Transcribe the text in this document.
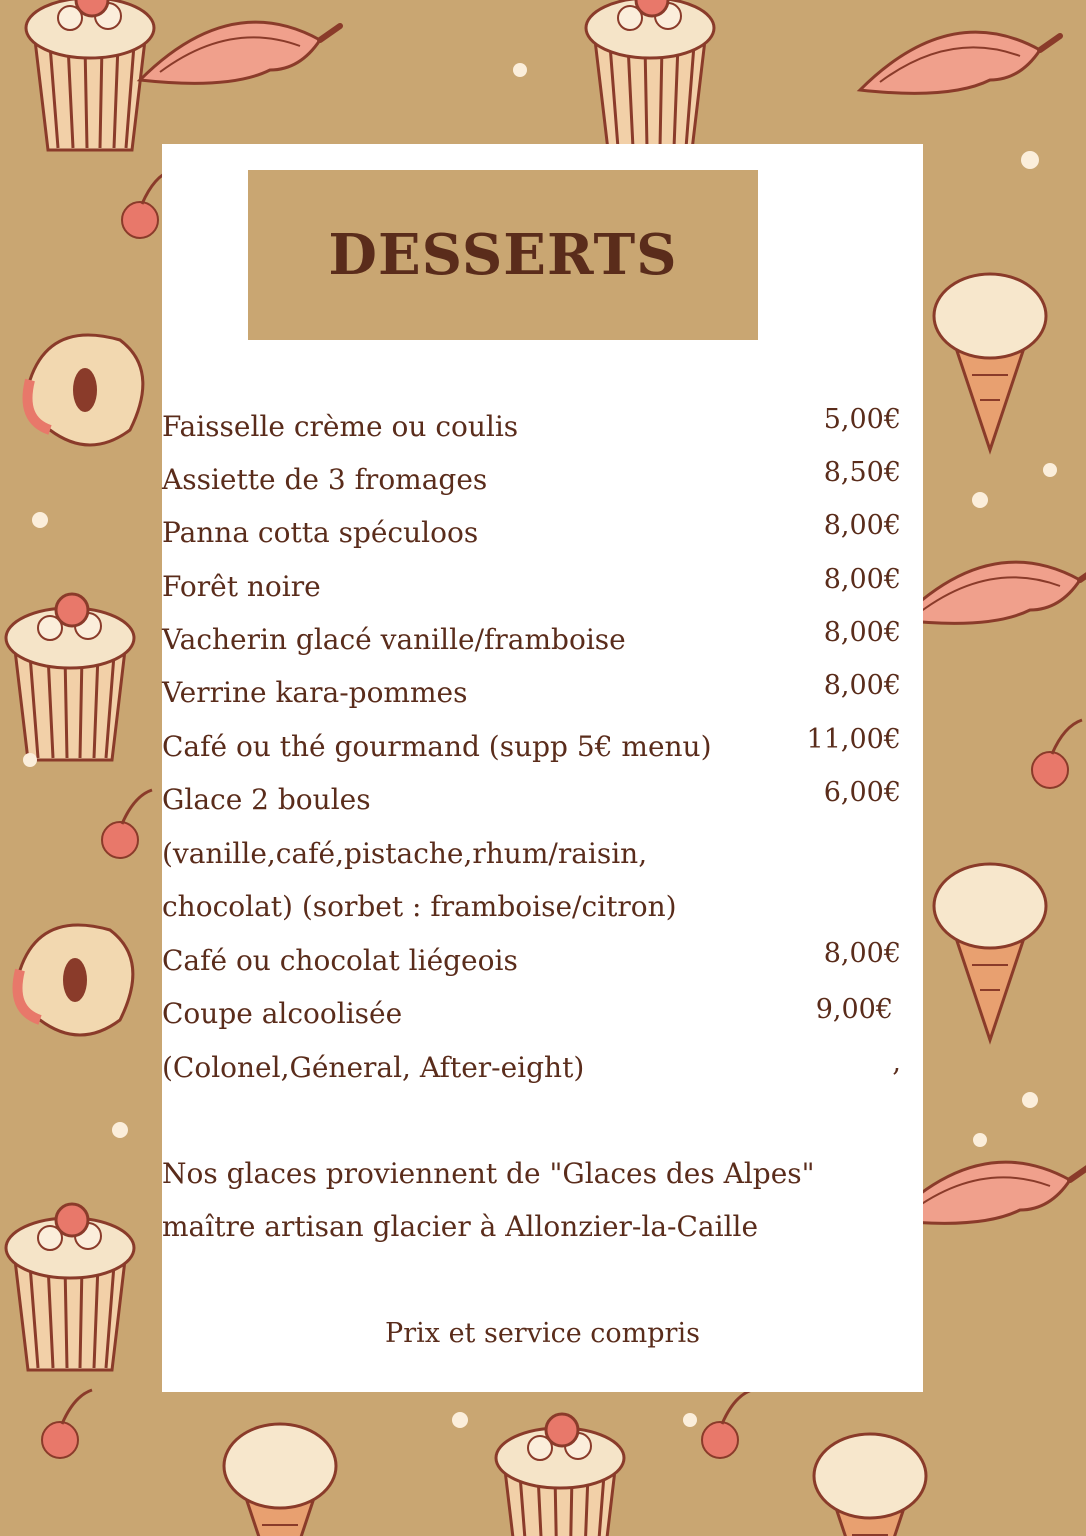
DESSERTS
Faisselle crème ou coulis	5,00€
Assiette de 3 fromages	8,50€
Panna cotta spéculoos	8,00€
Forêt noire	8,00€
Vacherin glacé vanille/framboise	8,00€
Verrine kara-pommes	8,00€
Café ou thé gourmand (supp 5€ menu)	11,00€
Glace 2 boules	6,00€
(vanille,café,pistache,rhum/raisin,
chocolat) (sorbet : framboise/citron)
Café ou chocolat liégeois	8,00€
Coupe alcoolisée	9,00€
(Colonel,Géneral, After-eight)	,
Nos glaces proviennent de "Glaces des Alpes"
maître artisan glacier à Allonzier-la-Caille
Prix et service compris
